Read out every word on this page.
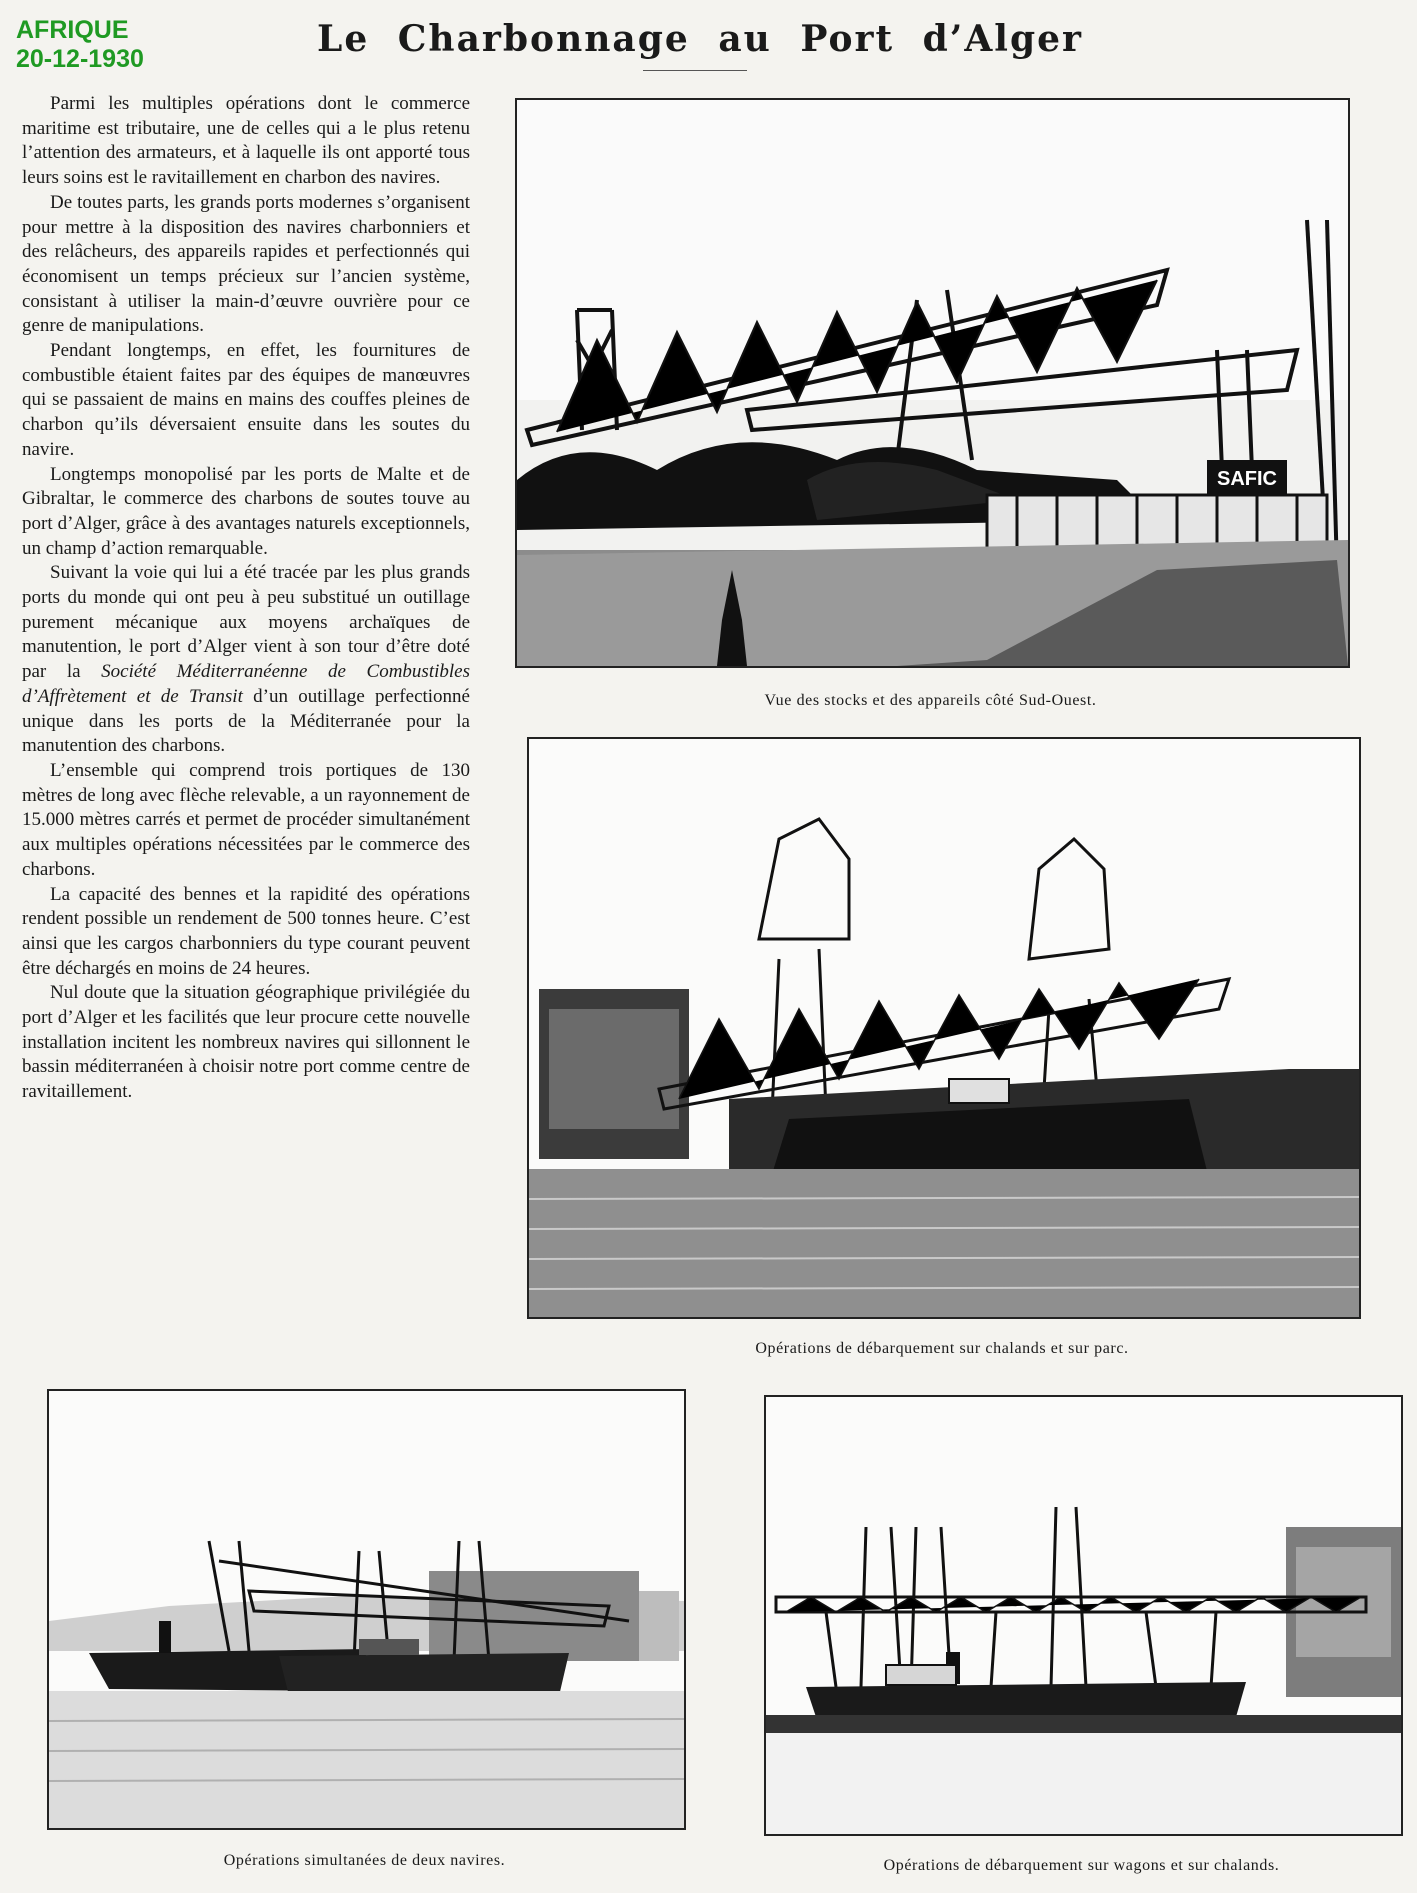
AFRIQUE
20-12-1930	Le Charbonnage au Port d’Alger

Parmi les multiples opérations dont le commerce maritime est tributaire, une de celles qui a le plus retenu l’attention des armateurs, et à laquelle ils ont apporté tous leurs soins est le ravitaillement en charbon des navires.

De toutes parts, les grands ports modernes s’organisent pour mettre à la disposition des navires charbonniers et des relâcheurs, des appareils rapides et perfectionnés qui économisent un temps précieux sur l’ancien système, consistant à utiliser la main-d’œuvre ouvrière pour ce genre de manipulations.

Pendant longtemps, en effet, les fournitures de combustible étaient faites par des équipes de manœuvres qui se passaient de mains en mains des couffes pleines de charbon qu’ils déversaient ensuite dans les soutes du navire.

Longtemps monopolisé par les ports de Malte et de Gibraltar, le commerce des charbons de soutes touve au port d’Alger, grâce à des avantages naturels exceptionnels, un champ d’action remarquable.

Suivant la voie qui lui a été tracée par les plus grands ports du monde qui ont peu à peu substitué un outillage purement mécanique aux moyens archaïques de manutention, le port d’Alger vient à son tour d’être doté par la Société Méditerranéenne de Combustibles d’Affrètement et de Transit d’un outillage perfectionné unique dans les ports de la Méditerranée pour la manutention des charbons.

L’ensemble qui comprend trois portiques de 130 mètres de long avec flèche relevable, a un rayonnement de 15.000 mètres carrés et permet de procéder simultanément aux multiples opérations nécessitées par le commerce des charbons.

La capacité des bennes et la rapidité des opérations rendent possible un rendement de 500 tonnes heure. C’est ainsi que les cargos charbonniers du type courant peuvent être déchargés en moins de 24 heures.

Nul doute que la situation géographique privilégiée du port d’Alger et les facilités que leur procure cette nouvelle installation incitent les nombreux navires qui sillonnent le bassin méditerranéen à choisir notre port comme centre de ravitaillement.

SAFIC
Vue des stocks et des appareils côté Sud-Ouest.
Opérations de débarquement sur chalands et sur parc.
Opérations simultanées de deux navires.	Opérations de débarquement sur wagons et sur chalands.
